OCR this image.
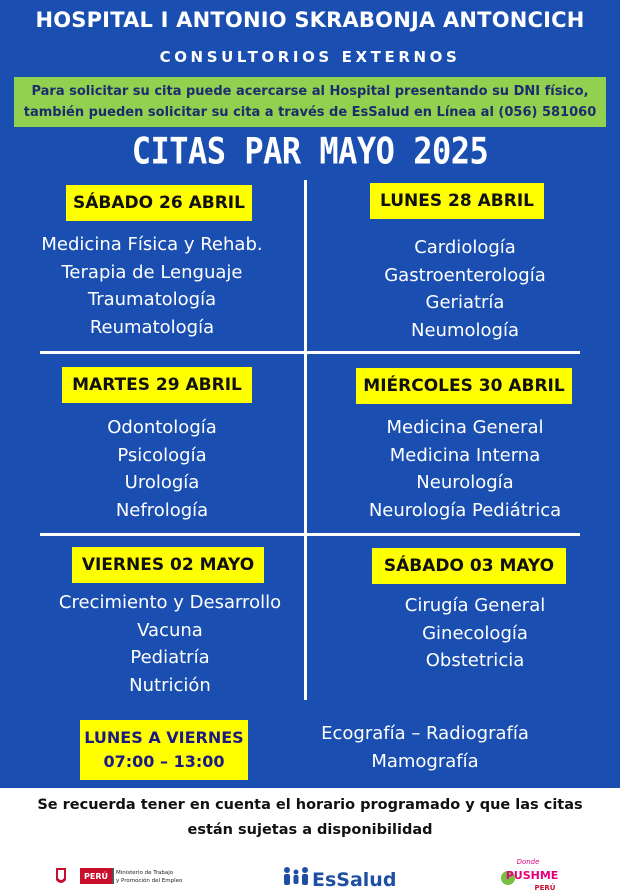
HOSPITAL I ANTONIO SKRABONJA ANTONCICH
CONSULTORIOS EXTERNOS
Para solicitar su cita puede acercarse al Hospital presentando su DNI físico,
también pueden solicitar su cita a través de EsSalud en Línea al (056) 581060
CITAS PAR MAYO 2025
SÁBADO 26 ABRIL
Medicina Física y Rehab.
Terapia de Lenguaje
Traumatología
Reumatología
LUNES 28 ABRIL
Cardiología
Gastroenterología
Geriatría
Neumología
MARTES 29 ABRIL
Odontología
Psicología
Urología
Nefrología
MIÉRCOLES 30 ABRIL
Medicina General
Medicina Interna
Neurología
Neurología Pediátrica
VIERNES 02 MAYO
Crecimiento y Desarrollo
Vacuna
Pediatría
Nutrición
SÁBADO 03 MAYO
Cirugía General
Ginecología
Obstetricia
LUNES A VIERNES
07:00 – 13:00
Ecografía – Radiografía
Mamografía
Se recuerda tener en cuenta el horario programado y que las citas
están sujetas a disponibilidad
PERÚ Ministerio de Trabajo
y Promoción del Empleo	EsSalud
Donde
PUSHME
PERÚ
